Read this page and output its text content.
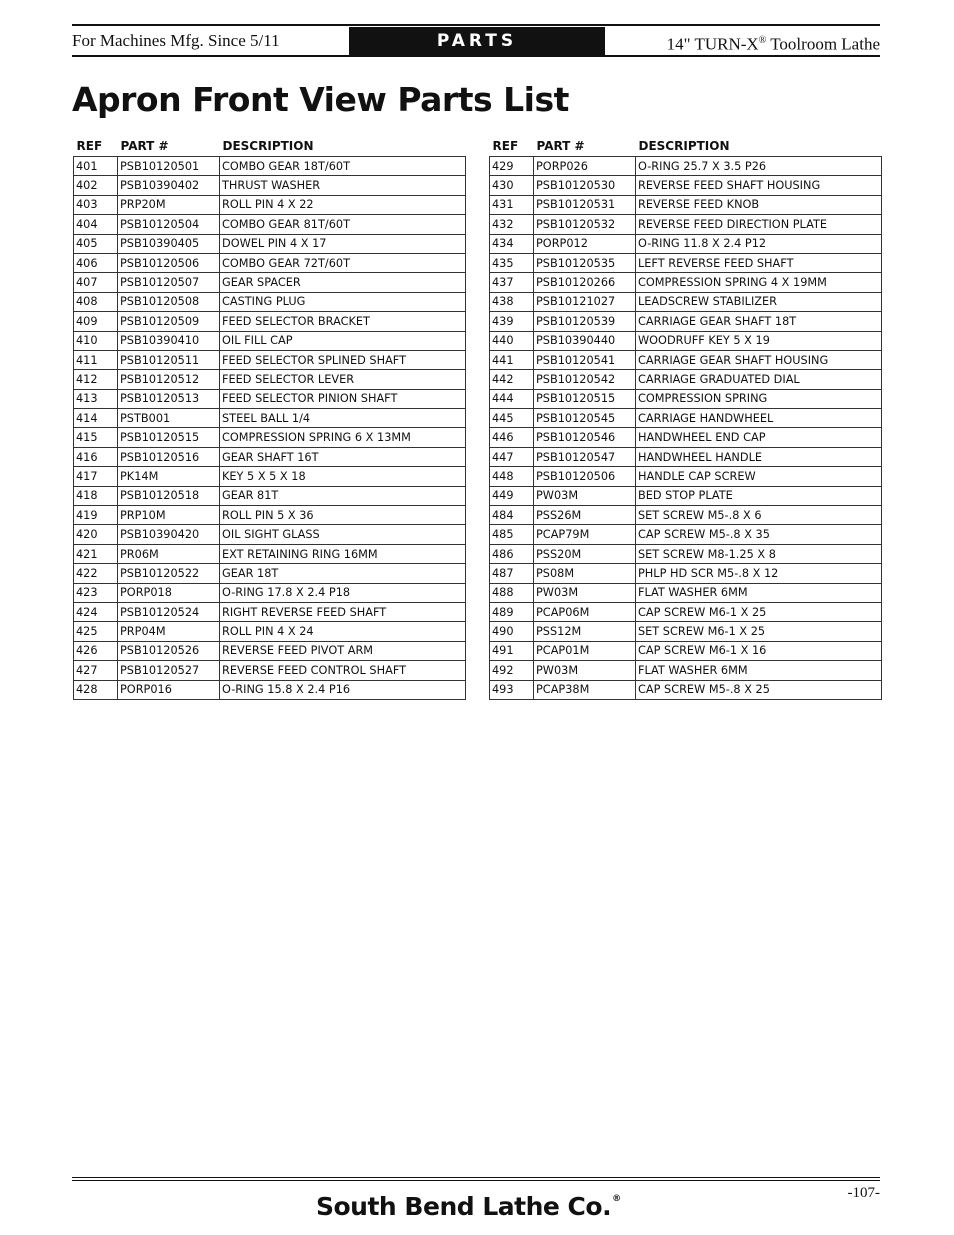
For Machines Mfg. Since 5/11	PARTS	14" TURN-X® Toolroom Lathe
Apron Front View Parts List
REF	PART #	DESCRIPTION
401	PSB10120501	COMBO GEAR 18T/60T
402	PSB10390402	THRUST WASHER
403	PRP20M	ROLL PIN 4 X 22
404	PSB10120504	COMBO GEAR 81T/60T
405	PSB10390405	DOWEL PIN 4 X 17
406	PSB10120506	COMBO GEAR 72T/60T
407	PSB10120507	GEAR SPACER
408	PSB10120508	CASTING PLUG
409	PSB10120509	FEED SELECTOR BRACKET
410	PSB10390410	OIL FILL CAP
411	PSB10120511	FEED SELECTOR SPLINED SHAFT
412	PSB10120512	FEED SELECTOR LEVER
413	PSB10120513	FEED SELECTOR PINION SHAFT
414	PSTB001	STEEL BALL 1/4
415	PSB10120515	COMPRESSION SPRING 6 X 13MM
416	PSB10120516	GEAR SHAFT 16T
417	PK14M	KEY 5 X 5 X 18
418	PSB10120518	GEAR 81T
419	PRP10M	ROLL PIN 5 X 36
420	PSB10390420	OIL SIGHT GLASS
421	PR06M	EXT RETAINING RING 16MM
422	PSB10120522	GEAR 18T
423	PORP018	O-RING 17.8 X 2.4 P18
424	PSB10120524	RIGHT REVERSE FEED SHAFT
425	PRP04M	ROLL PIN 4 X 24
426	PSB10120526	REVERSE FEED PIVOT ARM
427	PSB10120527	REVERSE FEED CONTROL SHAFT
428	PORP016	O-RING 15.8 X 2.4 P16
REF	PART #	DESCRIPTION
429	PORP026	O-RING 25.7 X 3.5 P26
430	PSB10120530	REVERSE FEED SHAFT HOUSING
431	PSB10120531	REVERSE FEED KNOB
432	PSB10120532	REVERSE FEED DIRECTION PLATE
434	PORP012	O-RING 11.8 X 2.4 P12
435	PSB10120535	LEFT REVERSE FEED SHAFT
437	PSB10120266	COMPRESSION SPRING 4 X 19MM
438	PSB10121027	LEADSCREW STABILIZER
439	PSB10120539	CARRIAGE GEAR SHAFT 18T
440	PSB10390440	WOODRUFF KEY 5 X 19
441	PSB10120541	CARRIAGE GEAR SHAFT HOUSING
442	PSB10120542	CARRIAGE GRADUATED DIAL
444	PSB10120515	COMPRESSION SPRING
445	PSB10120545	CARRIAGE HANDWHEEL
446	PSB10120546	HANDWHEEL END CAP
447	PSB10120547	HANDWHEEL HANDLE
448	PSB10120506	HANDLE CAP SCREW
449	PW03M	BED STOP PLATE
484	PSS26M	SET SCREW M5-.8 X 6
485	PCAP79M	CAP SCREW M5-.8 X 35
486	PSS20M	SET SCREW M8-1.25 X 8
487	PS08M	PHLP HD SCR M5-.8 X 12
488	PW03M	FLAT WASHER 6MM
489	PCAP06M	CAP SCREW M6-1 X 25
490	PSS12M	SET SCREW M6-1 X 25
491	PCAP01M	CAP SCREW M6-1 X 16
492	PW03M	FLAT WASHER 6MM
493	PCAP38M	CAP SCREW M5-.8 X 25
South Bend Lathe Co.®	-107-
